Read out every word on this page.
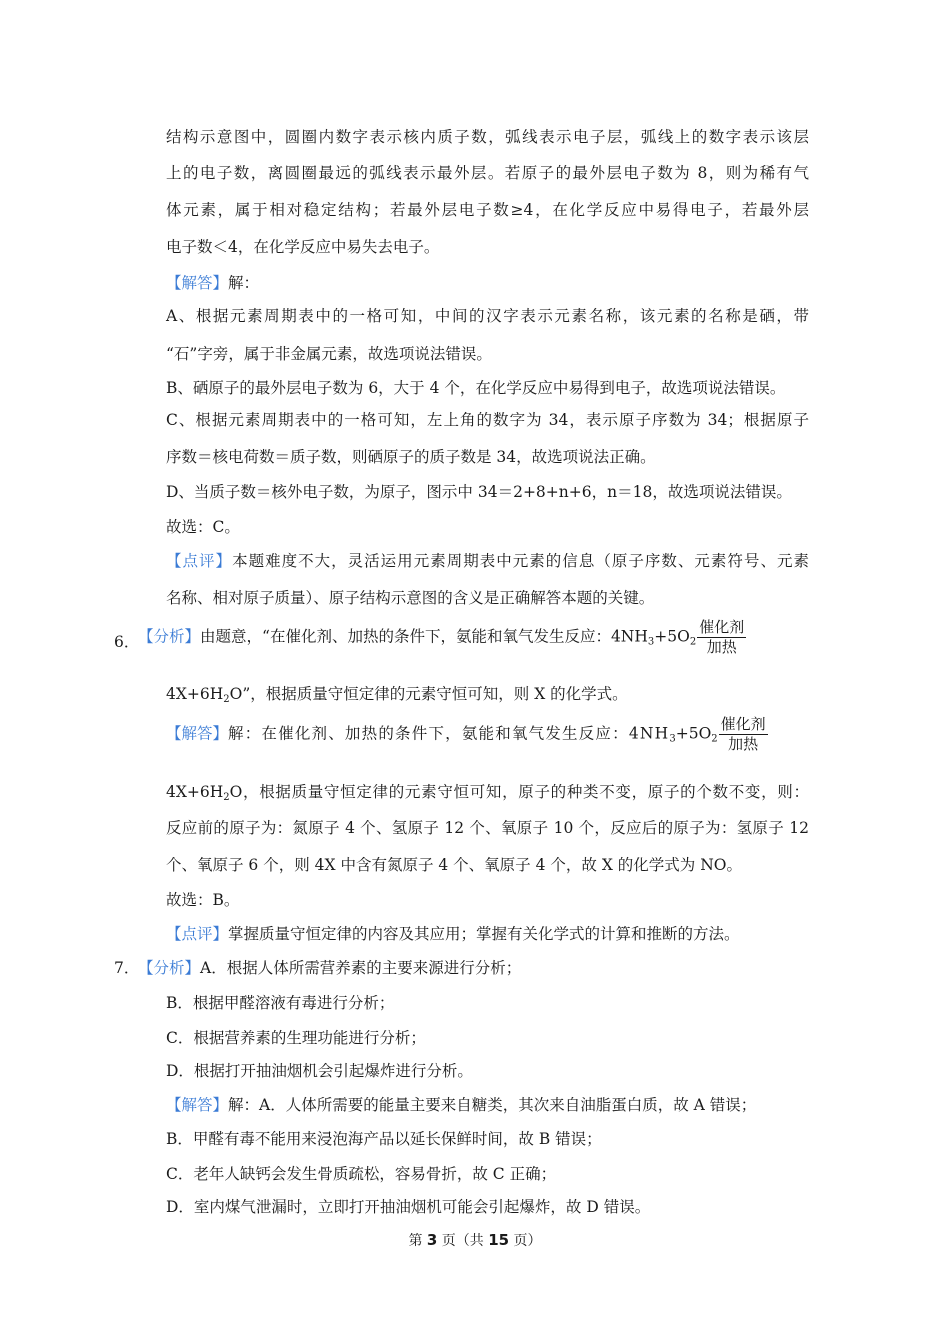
结构示意图中，圆圈内数字表示核内质子数，弧线表示电子层，弧线上的数字表示该层
上的电子数，离圆圈最远的弧线表示最外层。若原子的最外层电子数为 8，则为稀有气
体元素，属于相对稳定结构；若最外层电子数≥4，在化学反应中易得电子，若最外层
电子数＜4，在化学反应中易失去电子。
【解答】解：
A、根据元素周期表中的一格可知，中间的汉字表示元素名称，该元素的名称是硒，带
“石”字旁，属于非金属元素，故选项说法错误。
B、硒原子的最外层电子数为 6，大于 4 个，在化学反应中易得到电子，故选项说法错误。
C、根据元素周期表中的一格可知，左上角的数字为 34，表示原子序数为 34；根据原子
序数＝核电荷数＝质子数，则硒原子的质子数是 34，故选项说法正确。
D、当质子数＝核外电子数，为原子，图示中 34＝2+8+n+6，n＝18，故选项说法错误。
故选：C。
【点评】本题难度不大，灵活运用元素周期表中元素的信息（原子序数、元素符号、元素
名称、相对原子质量）、原子结构示意图的含义是正确解答本题的关键。
6．
【分析】由题意，“在催化剂、加热的条件下，氨能和氧气发生反应：$4NH_3+5O_2 \frac{\text{催化剂}}{\text{加热}}$
$4X+6H_2O$”，根据质量守恒定律的元素守恒可知，则 X 的化学式。
【解答】解：在催化剂、加热的条件下，氨能和氧气发生反应：$4NH_3+5O_2 \frac{\text{催化剂}}{\text{加热}}$
$4X+6H_2O$，根据质量守恒定律的元素守恒可知，原子的种类不变，原子的个数不变，则：
反应前的原子为：氮原子 4 个、氢原子 12 个、氧原子 10 个，反应后的原子为：氢原子 12
个、氧原子 6 个，则 4X 中含有氮原子 4 个、氧原子 4 个，故 X 的化学式为 NO。
故选：B。
【点评】掌握质量守恒定律的内容及其应用；掌握有关化学式的计算和推断的方法。
7．
【分析】A．根据人体所需营养素的主要来源进行分析；
B．根据甲醛溶液有毒进行分析；
C．根据营养素的生理功能进行分析；
D．根据打开抽油烟机会引起爆炸进行分析。
【解答】解：A．人体所需要的能量主要来自糖类，其次来自油脂蛋白质，故 A 错误；
B．甲醛有毒不能用来浸泡海产品以延长保鲜时间，故 B 错误；
C．老年人缺钙会发生骨质疏松，容易骨折，故 C 正确；
D．室内煤气泄漏时，立即打开抽油烟机可能会引起爆炸，故 D 错误。
第 3 页（共 15 页）
